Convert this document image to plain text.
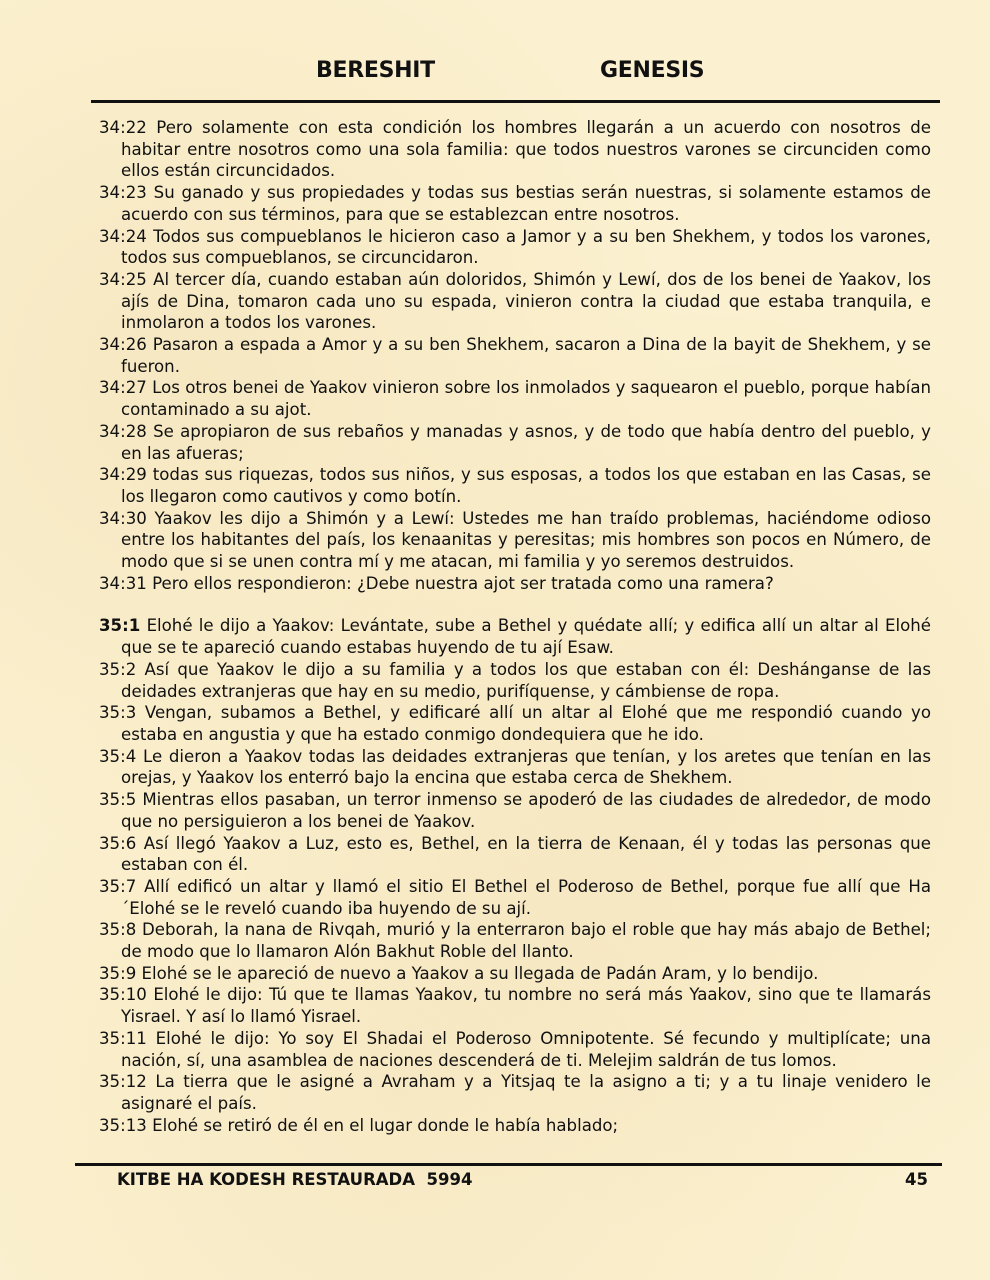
BERESHIT	GENESIS

34:22 Pero solamente con esta condición los hombres llegarán a un acuerdo con nosotros de habitar entre nosotros como una sola familia: que todos nuestros varones se circunciden como ellos están circuncidados.

34:23 Su ganado y sus propiedades y todas sus bestias serán nuestras, si solamente estamos de acuerdo con sus términos, para que se establezcan entre nosotros.

34:24 Todos sus compueblanos le hicieron caso a Jamor y a su ben Shekhem, y todos los varones, todos sus compueblanos, se circuncidaron.

34:25 Al tercer día, cuando estaban aún doloridos, Shimón y Lewí, dos de los benei de Yaakov, los ajís de Dina, tomaron cada uno su espada, vinieron contra la ciudad que estaba tranquila, e inmolaron a todos los varones.

34:26 Pasaron a espada a Amor y a su ben Shekhem, sacaron a Dina de la bayit de Shekhem, y se fueron.

34:27 Los otros benei de Yaakov vinieron sobre los inmolados y saquearon el pueblo, porque habían contaminado a su ajot.

34:28 Se apropiaron de sus rebaños y manadas y asnos, y de todo que había dentro del pueblo, y en las afueras;

34:29 todas sus riquezas, todos sus niños, y sus esposas, a todos los que estaban en las Casas, se los llegaron como cautivos y como botín.

34:30 Yaakov les dijo a Shimón y a Lewí: Ustedes me han traído problemas, haciéndome odioso entre los habitantes del país, los kenaanitas y peresitas; mis hombres son pocos en Número, de modo que si se unen contra mí y me atacan, mi familia y yo seremos destruidos.

34:31 Pero ellos respondieron: ¿Debe nuestra ajot ser tratada como una ramera?

35:1 Elohé le dijo a Yaakov: Levántate, sube a Bethel y quédate allí; y edifica allí un altar al Elohé que se te apareció cuando estabas huyendo de tu ají Esaw.

35:2 Así que Yaakov le dijo a su familia y a todos los que estaban con él: Deshánganse de las deidades extranjeras que hay en su medio, purifíquense, y cámbiense de ropa.

35:3 Vengan, subamos a Bethel, y edificaré allí un altar al Elohé que me respondió cuando yo estaba en angustia y que ha estado conmigo dondequiera que he ido.

35:4 Le dieron a Yaakov todas las deidades extranjeras que tenían, y los aretes que tenían en las orejas, y Yaakov los enterró bajo la encina que estaba cerca de Shekhem.

35:5 Mientras ellos pasaban, un terror inmenso se apoderó de las ciudades de alrededor, de modo que no persiguieron a los benei de Yaakov.

35:6 Así llegó Yaakov a Luz, esto es, Bethel, en la tierra de Kenaan, él y todas las personas que estaban con él.

35:7 Allí edificó un altar y llamó el sitio El Bethel el Poderoso de Bethel, porque fue allí que Ha´Elohé se le reveló cuando iba huyendo de su ají.

35:8 Deborah, la nana de Rivqah, murió y la enterraron bajo el roble que hay más abajo de Bethel; de modo que lo llamaron Alón Bakhut Roble del llanto.

35:9 Elohé se le apareció de nuevo a Yaakov a su llegada de Padán Aram, y lo bendijo.

35:10 Elohé le dijo: Tú que te llamas Yaakov, tu nombre no será más Yaakov, sino que te llamarás Yisrael. Y así lo llamó Yisrael.

35:11 Elohé le dijo: Yo soy El Shadai el Poderoso Omnipotente. Sé fecundo y multiplícate; una nación, sí, una asamblea de naciones descenderá de ti. Melejim saldrán de tus lomos.

35:12 La tierra que le asigné a Avraham y a Yitsjaq te la asigno a ti; y a tu linaje venidero le asignaré el país.

35:13 Elohé se retiró de él en el lugar donde le había hablado;

KITBE HA KODESH RESTAURADA  5994	45
